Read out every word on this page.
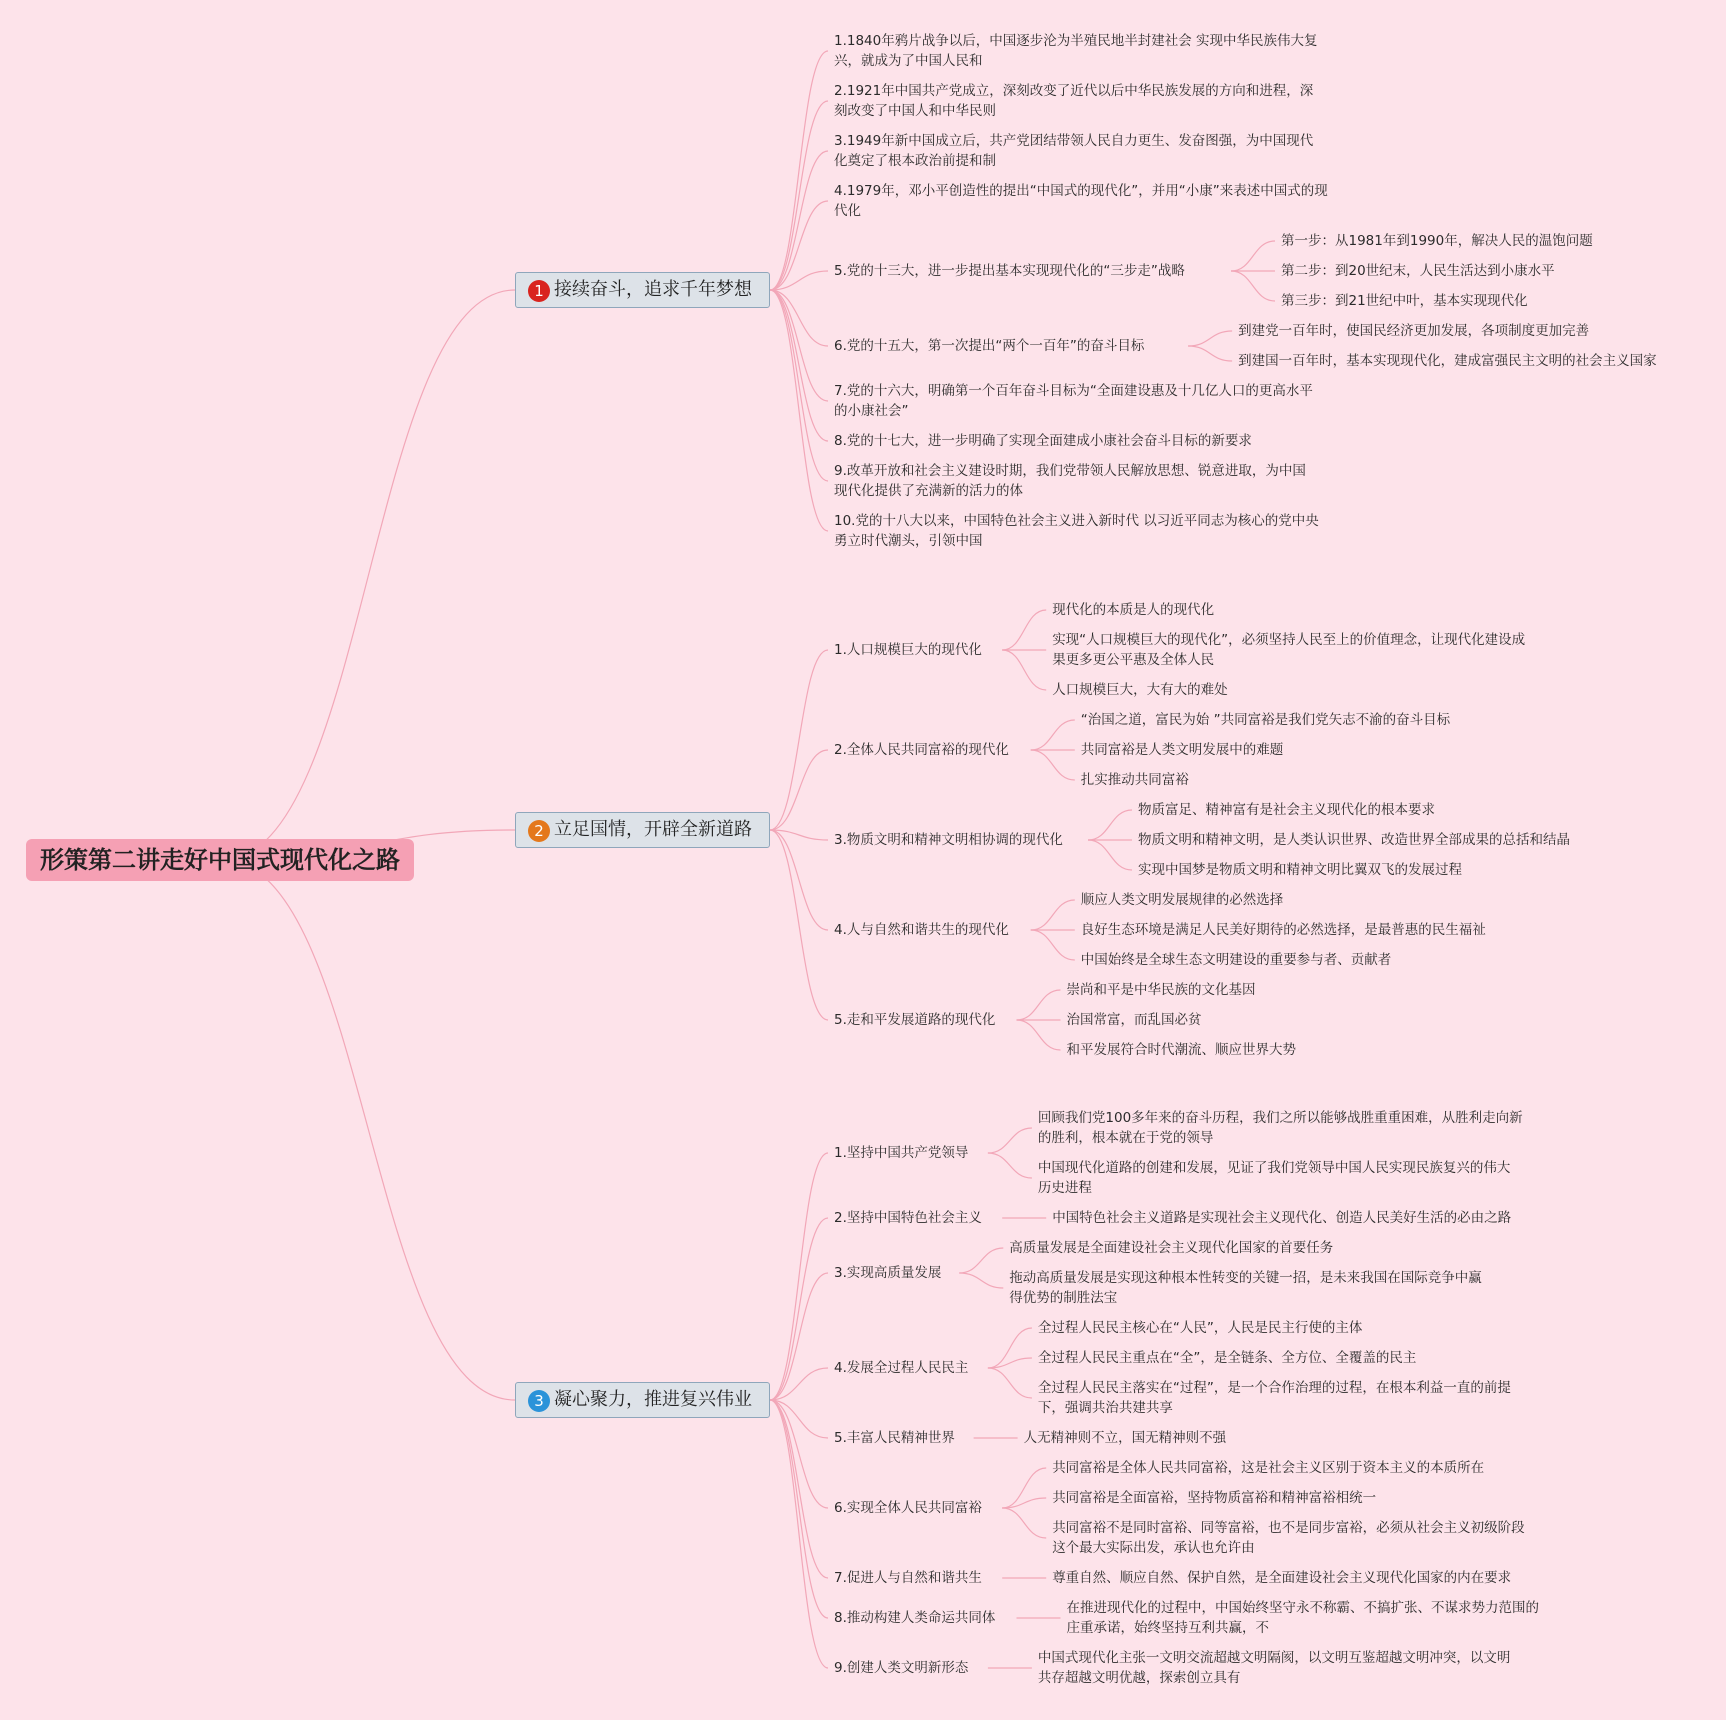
形策第二讲走好中国式现代化之路
1 接续奋斗，追求千年梦想
1.1840年鸦片战争以后，中国逐步沦为半殖民地半封建社会 实现中华民族伟大复
兴，就成为了中国人民和
2.1921年中国共产党成立，深刻改变了近代以后中华民族发展的方向和进程，深
刻改变了中国人和中华民则
3.1949年新中国成立后，共产党团结带领人民自力更生、发奋图强，为中国现代
化奠定了根本政治前提和制
4.1979年，邓小平创造性的提出“中国式的现代化”，并用“小康”来表述中国式的现
代化
5.党的十三大，进一步提出基本实现现代化的“三步走”战略
第一步：从1981年到1990年，解决人民的温饱问题
第二步：到20世纪末，人民生活达到小康水平
第三步：到21世纪中叶，基本实现现代化
6.党的十五大，第一次提出“两个一百年”的奋斗目标
到建党一百年时，使国民经济更加发展，各项制度更加完善
到建国一百年时，基本实现现代化，建成富强民主文明的社会主义国家
7.党的十六大，明确第一个百年奋斗目标为“全面建设惠及十几亿人口的更高水平
的小康社会”
8.党的十七大，进一步明确了实现全面建成小康社会奋斗目标的新要求
9.改革开放和社会主义建设时期，我们党带领人民解放思想、锐意进取，为中国
现代化提供了充满新的活力的体
10.党的十八大以来，中国特色社会主义进入新时代 以习近平同志为核心的党中央
勇立时代潮头，引领中国
2 立足国情，开辟全新道路
1.人口规模巨大的现代化
现代化的本质是人的现代化
实现“人口规模巨大的现代化”，必须坚持人民至上的价值理念，让现代化建设成
果更多更公平惠及全体人民
人口规模巨大，大有大的难处
2.全体人民共同富裕的现代化
“治国之道，富民为始 ”共同富裕是我们党矢志不渝的奋斗目标
共同富裕是人类文明发展中的难题
扎实推动共同富裕
3.物质文明和精神文明相协调的现代化
物质富足、精神富有是社会主义现代化的根本要求
物质文明和精神文明，是人类认识世界、改造世界全部成果的总括和结晶
实现中国梦是物质文明和精神文明比翼双飞的发展过程
4.人与自然和谐共生的现代化
顺应人类文明发展规律的必然选择
良好生态环境是满足人民美好期待的必然选择，是最普惠的民生福祉
中国始终是全球生态文明建设的重要参与者、贡献者
5.走和平发展道路的现代化
崇尚和平是中华民族的文化基因
治国常富，而乱国必贫
和平发展符合时代潮流、顺应世界大势
3 凝心聚力，推进复兴伟业
1.坚持中国共产党领导
回顾我们党100多年来的奋斗历程，我们之所以能够战胜重重困难，从胜利走向新
的胜利，根本就在于党的领导
中国现代化道路的创建和发展，见证了我们党领导中国人民实现民族复兴的伟大
历史进程
2.坚持中国特色社会主义	中国特色社会主义道路是实现社会主义现代化、创造人民美好生活的必由之路
3.实现高质量发展
高质量发展是全面建设社会主义现代化国家的首要任务
拖动高质量发展是实现这种根本性转变的关键一招，是未来我国在国际竞争中赢
得优势的制胜法宝
4.发展全过程人民民主
全过程人民民主核心在“人民”，人民是民主行使的主体
全过程人民民主重点在“全”，是全链条、全方位、全覆盖的民主
全过程人民民主落实在“过程”，是一个合作治理的过程，在根本利益一直的前提
下，强调共治共建共享
5.丰富人民精神世界	人无精神则不立，国无精神则不强
6.实现全体人民共同富裕
共同富裕是全体人民共同富裕，这是社会主义区别于资本主义的本质所在
共同富裕是全面富裕，坚持物质富裕和精神富裕相统一
共同富裕不是同时富裕、同等富裕，也不是同步富裕，必须从社会主义初级阶段
这个最大实际出发，承认也允许由
7.促进人与自然和谐共生	尊重自然、顺应自然、保护自然，是全面建设社会主义现代化国家的内在要求
8.推动构建人类命运共同体
在推进现代化的过程中，中国始终坚守永不称霸、不搞扩张、不谋求势力范围的
庄重承诺，始终坚持互利共赢，不
9.创建人类文明新形态
中国式现代化主张一文明交流超越文明隔阂，以文明互鉴超越文明冲突，以文明
共存超越文明优越，探索创立具有
